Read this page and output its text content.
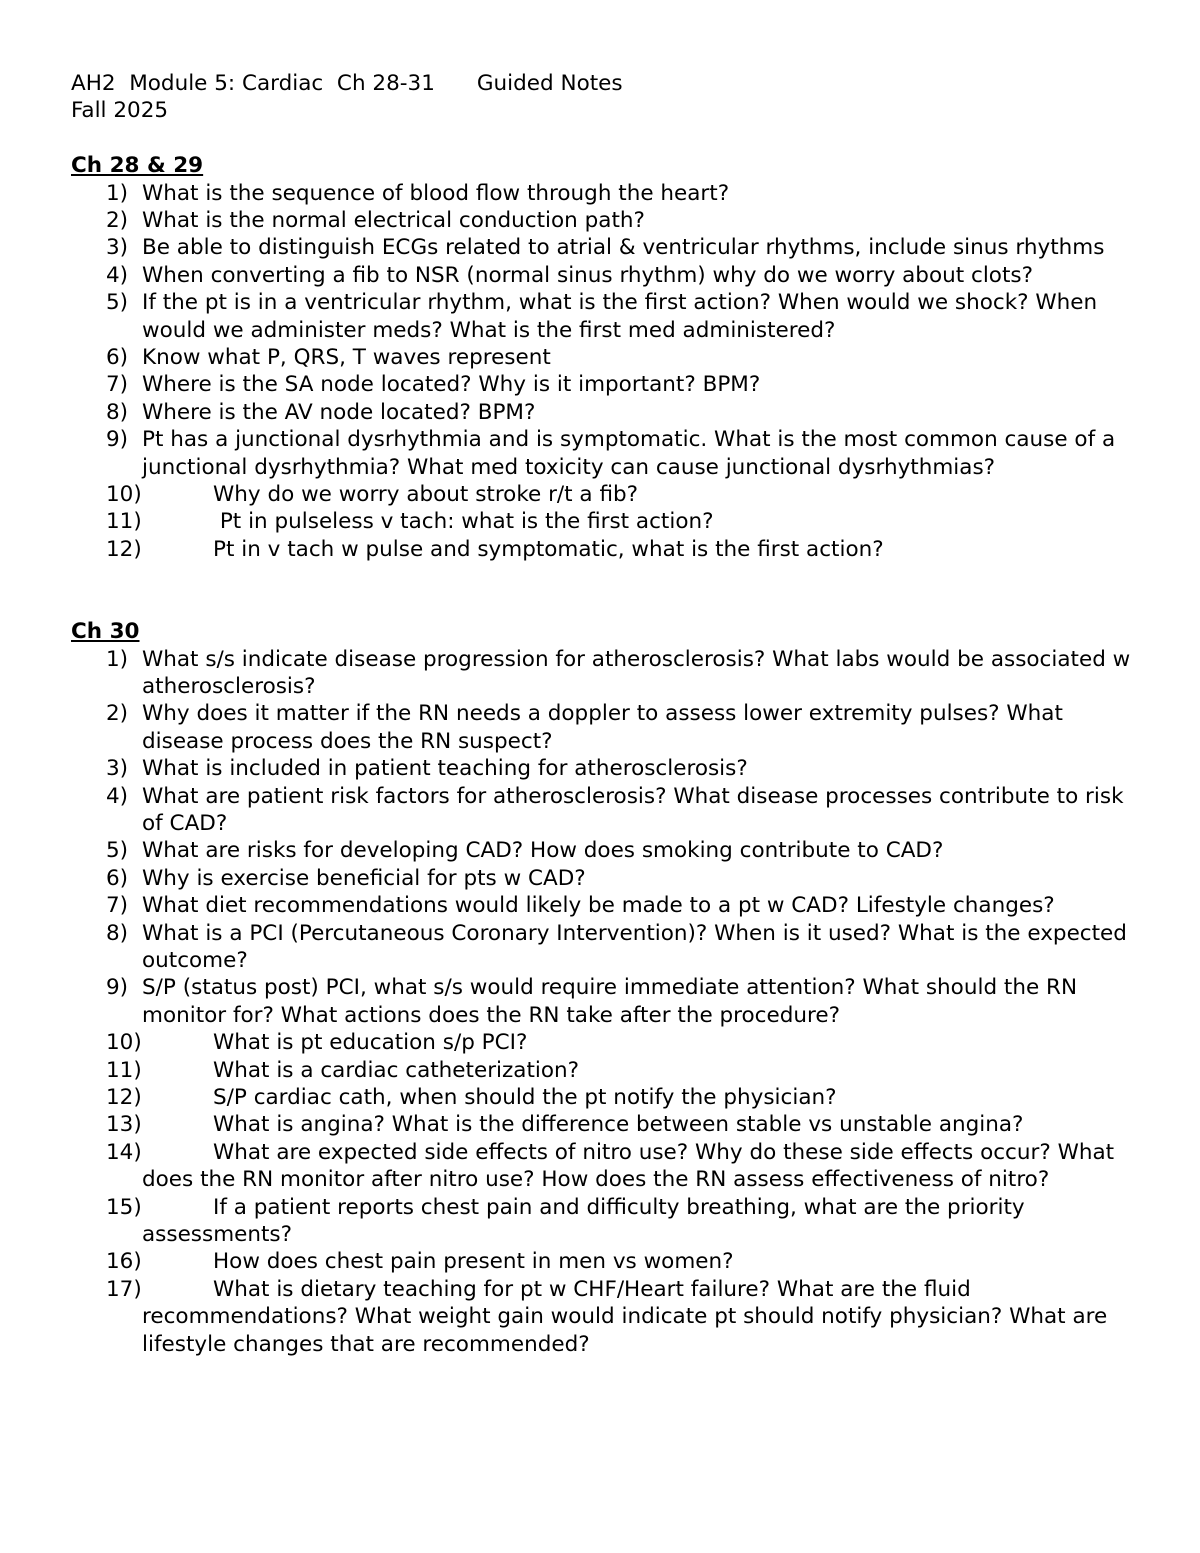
AH2  Module 5: Cardiac  Ch 28-31 Guided Notes
Fall 2025
Ch 28 & 29
1) What is the sequence of blood flow through the heart?
2) What is the normal electrical conduction path?
3) Be able to distinguish ECGs related to atrial & ventricular rhythms, include sinus rhythms
4) When converting a fib to NSR (normal sinus rhythm) why do we worry about clots?
5) If the pt is in a ventricular rhythm, what is the first action? When would we shock? When would we administer meds? What is the first med administered?
6) Know what P, QRS, T waves represent
7) Where is the SA node located? Why is it important? BPM?
8) Where is the AV node located? BPM?
9) Pt has a junctional dysrhythmia and is symptomatic. What is the most common cause of a junctional dysrhythmia? What med toxicity can cause junctional dysrhythmias?
10)	Why do we worry about stroke r/t a fib?
11)	Pt in pulseless v tach: what is the first action?
12)	Pt in v tach w pulse and symptomatic, what is the first action?
Ch 30
1) What s/s indicate disease progression for atherosclerosis? What labs would be associated w atherosclerosis?
2) Why does it matter if the RN needs a doppler to assess lower extremity pulses? What disease process does the RN suspect?
3) What is included in patient teaching for atherosclerosis?
4) What are patient risk factors for atherosclerosis? What disease processes contribute to risk of CAD?
5) What are risks for developing CAD? How does smoking contribute to CAD?
6) Why is exercise beneficial for pts w CAD?
7) What diet recommendations would likely be made to a pt w CAD? Lifestyle changes?
8) What is a PCI (Percutaneous Coronary Intervention)? When is it used? What is the expected outcome?
9) S/P (status post) PCI, what s/s would require immediate attention? What should the RN monitor for? What actions does the RN take after the procedure?
10)	What is pt education s/p PCI?
11)	What is a cardiac catheterization?
12)	S/P cardiac cath, when should the pt notify the physician?
13)	What is angina? What is the difference between stable vs unstable angina?
14)	What are expected side effects of nitro use? Why do these side effects occur? What does the RN monitor after nitro use? How does the RN assess effectiveness of nitro?
15)	If a patient reports chest pain and difficulty breathing, what are the priority assessments?
16)	How does chest pain present in men vs women?
17)	What is dietary teaching for pt w CHF/Heart failure? What are the fluid recommendations? What weight gain would indicate pt should notify physician? What are lifestyle changes that are recommended?
